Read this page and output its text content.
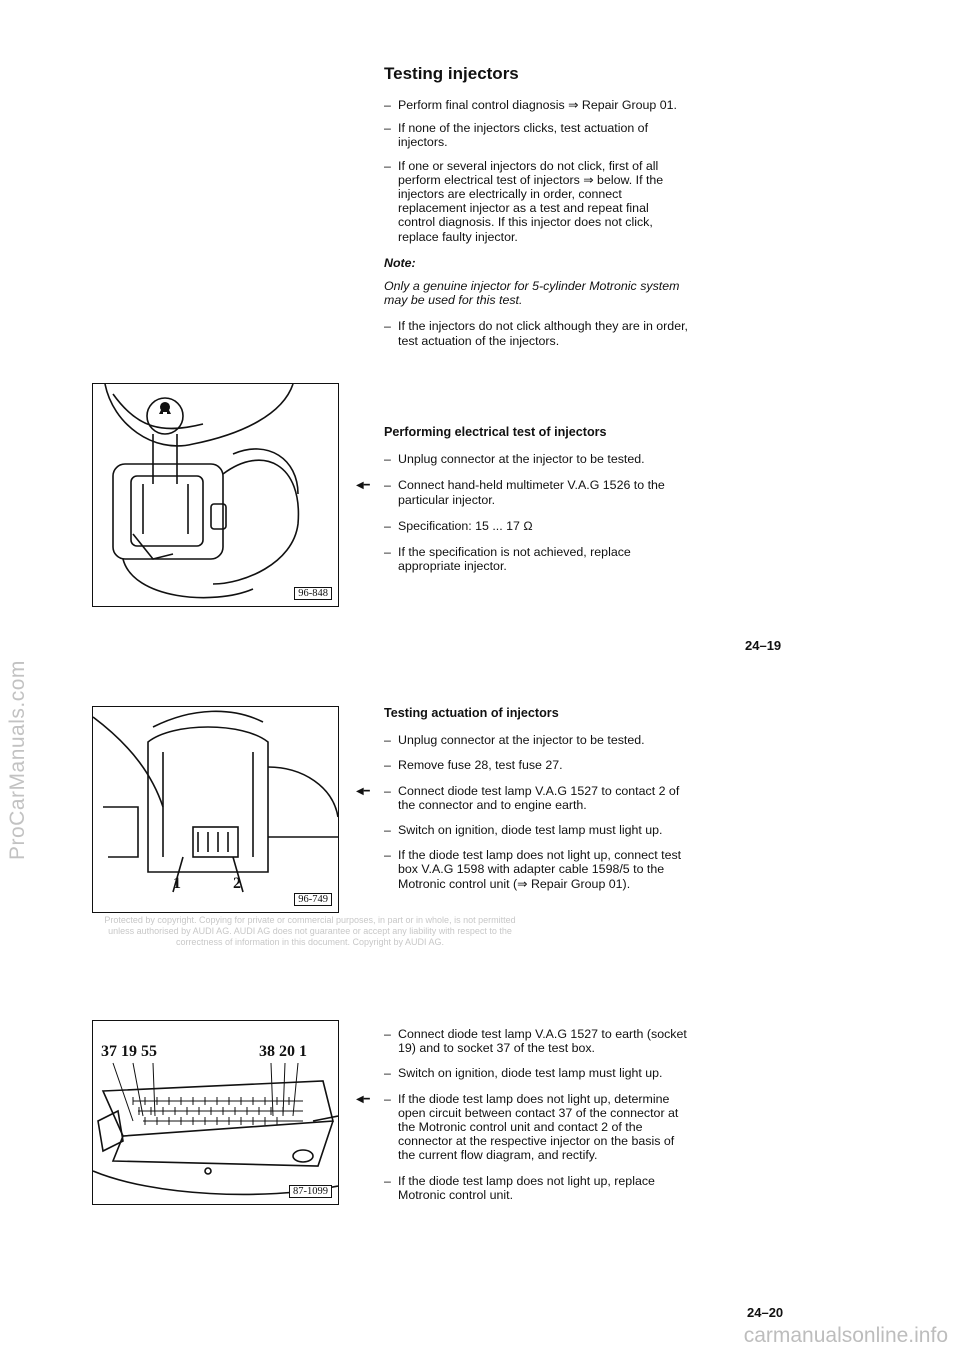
ProCarManuals.com
carmanualsonline.info
Testing injectors
– Perform final control diagnosis ⇒ Repair Group 01.
– If none of the injectors clicks, test actuation of injectors.
– If one or several injectors do not click, first of all perform electrical test of injectors ⇒ below. If the injectors are electrically in order, connect replacement injector as a test and repeat final control diagnosis. If this injector does not click, replace faulty injector.
Note:
Only a genuine injector for 5-cylinder Motronic system may be used for this test.
– If the injectors do not click although they are in order, test actuation of the injectors.
Performing electrical test of injectors
– Unplug connector at the injector to be tested.
◀━ – Connect hand-held multimeter V.A.G 1526 to the particular injector.
– Specification: 15 ... 17 Ω
– If the specification is not achieved, replace appropriate injector.
24–19
96-848
Testing actuation of injectors
– Unplug connector at the injector to be tested.
– Remove fuse 28, test fuse 27.
◀━ – Connect diode test lamp V.A.G 1527 to contact 2 of the connector and to engine earth.
– Switch on ignition, diode test lamp must light up.
– If the diode test lamp does not light up, connect test box V.A.G 1598 with adapter cable 1598/5 to the Motronic control unit (⇒ Repair Group 01).
1	2
96-749
Protected by copyright. Copying for private or commercial purposes, in part or in whole, is not permitted unless authorised by AUDI AG. AUDI AG does not guarantee or accept any liability with respect to the correctness of information in this document. Copyright by AUDI AG.
– Connect diode test lamp V.A.G 1527 to earth (socket 19) and to socket 37 of the test box.
– Switch on ignition, diode test lamp must light up.
◀━ – If the diode test lamp does not light up, determine open circuit between contact 37 of the connector at the Motronic control unit and contact 2 of the connector at the respective injector on the basis of the current flow diagram, and rectify.
– If the diode test lamp does not light up, replace Motronic control unit.
37 19 55	38 20 1
87-1099
24–20
